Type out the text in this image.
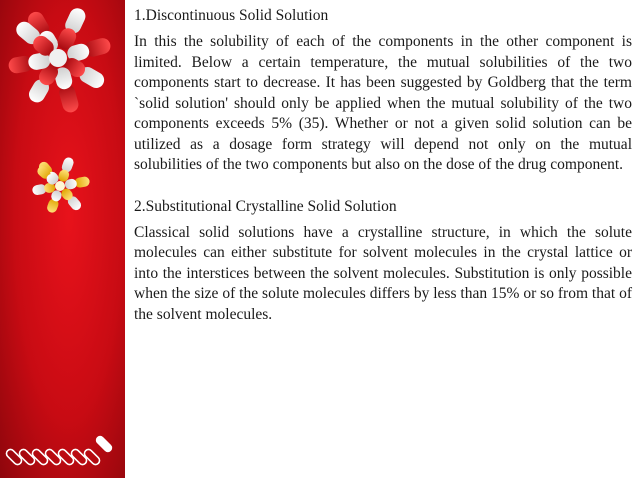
1.Discontinuous Solid Solution

In this the solubility of each of the components in the other component is limited. Below a certain temperature, the mutual solubilities of the two components start to decrease. It has been suggested by Goldberg that the term `solid solution' should only be applied when the mutual solubility of the two components exceeds 5% (35). Whether or not a given solid solution can be utilized as a dosage form strategy will depend not only on the mutual solubilities of the two components but also on the dose of the drug component.

2.Substitutional Crystalline Solid Solution

Classical solid solutions have a crystalline structure, in which the solute molecules can either substitute for solvent molecules in the crystal lattice or into the interstices between the solvent molecules. Substitution is only possible when the size of the solute molecules differs by less than 15% or so from that of the solvent molecules.
